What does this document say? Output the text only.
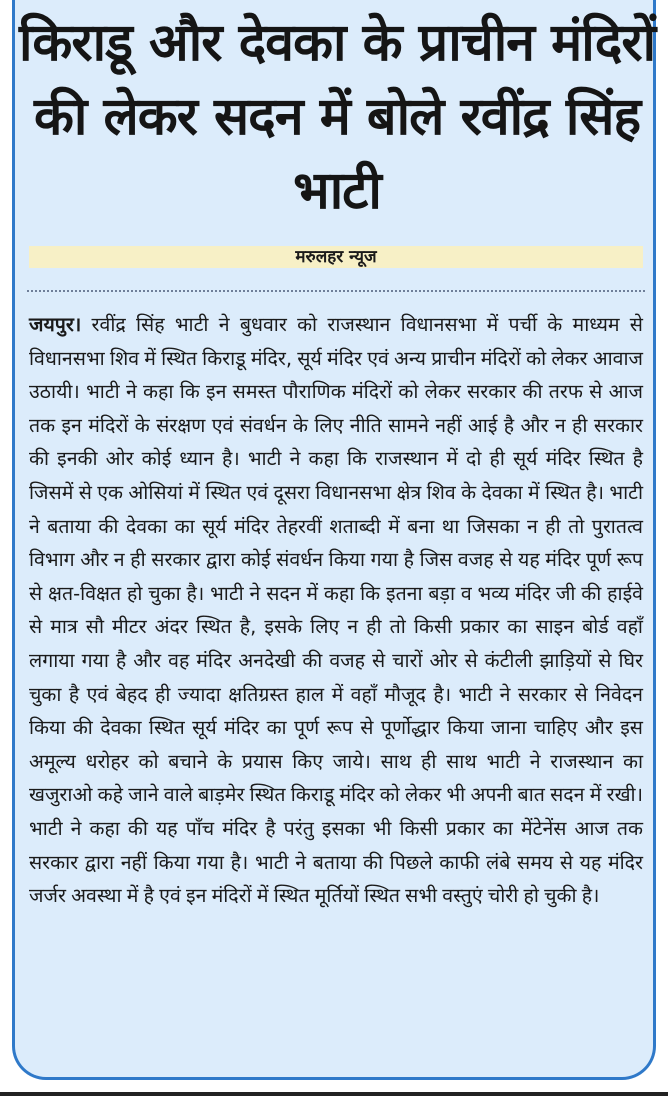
किराडू और देवका के प्राचीन मंदिरों की लेकर सदन में बोले रवींद्र सिंह भाटी
मरुलहर न्यूज

जयपुर। रवींद्र सिंह भाटी ने बुधवार को राजस्थान विधानसभा में पर्ची के माध्यम से विधानसभा शिव में स्थित किराडू मंदिर, सूर्य मंदिर एवं अन्य प्राचीन मंदिरों को लेकर आवाज उठायी। भाटी ने कहा कि इन समस्त पौराणिक मंदिरों को लेकर सरकार की तरफ से आज तक इन मंदिरों के संरक्षण एवं संवर्धन के लिए नीति सामने नहीं आई है और न ही सरकार की इनकी ओर कोई ध्यान है। भाटी ने कहा कि राजस्थान में दो ही सूर्य मंदिर स्थित है जिसमें से एक ओसियां में स्थित एवं दूसरा विधानसभा क्षेत्र शिव के देवका में स्थित है। भाटी ने बताया की देवका का सूर्य मंदिर तेहरवीं शताब्दी में बना था जिसका न ही तो पुरातत्व विभाग और न ही सरकार द्वारा कोई संवर्धन किया गया है जिस वजह से यह मंदिर पूर्ण रूप से क्षत-विक्षत हो चुका है। भाटी ने सदन में कहा कि इतना बड़ा व भव्य मंदिर जी की हाईवे से मात्र सौ मीटर अंदर स्थित है, इसके लिए न ही तो किसी प्रकार का साइन बोर्ड वहाँ लगाया गया है और वह मंदिर अनदेखी की वजह से चारों ओर से कंटीली झाड़ियों से घिर चुका है एवं बेहद ही ज्यादा क्षतिग्रस्त हाल में वहाँ मौजूद है। भाटी ने सरकार से निवेदन किया की देवका स्थित सूर्य मंदिर का पूर्ण रूप से पूर्णोद्धार किया जाना चाहिए और इस अमूल्य धरोहर को बचाने के प्रयास किए जाये। साथ ही साथ भाटी ने राजस्थान का खजुराओ कहे जाने वाले बाड़मेर स्थित किराडू मंदिर को लेकर भी अपनी बात सदन में रखी। भाटी ने कहा की यह पाँच मंदिर है परंतु इसका भी किसी प्रकार का मेंटेनेंस आज तक सरकार द्वारा नहीं किया गया है। भाटी ने बताया की पिछले काफी लंबे समय से यह मंदिर जर्जर अवस्था में है एवं इन मंदिरों में स्थित मूर्तियों स्थित सभी वस्तुएं चोरी हो चुकी है।
